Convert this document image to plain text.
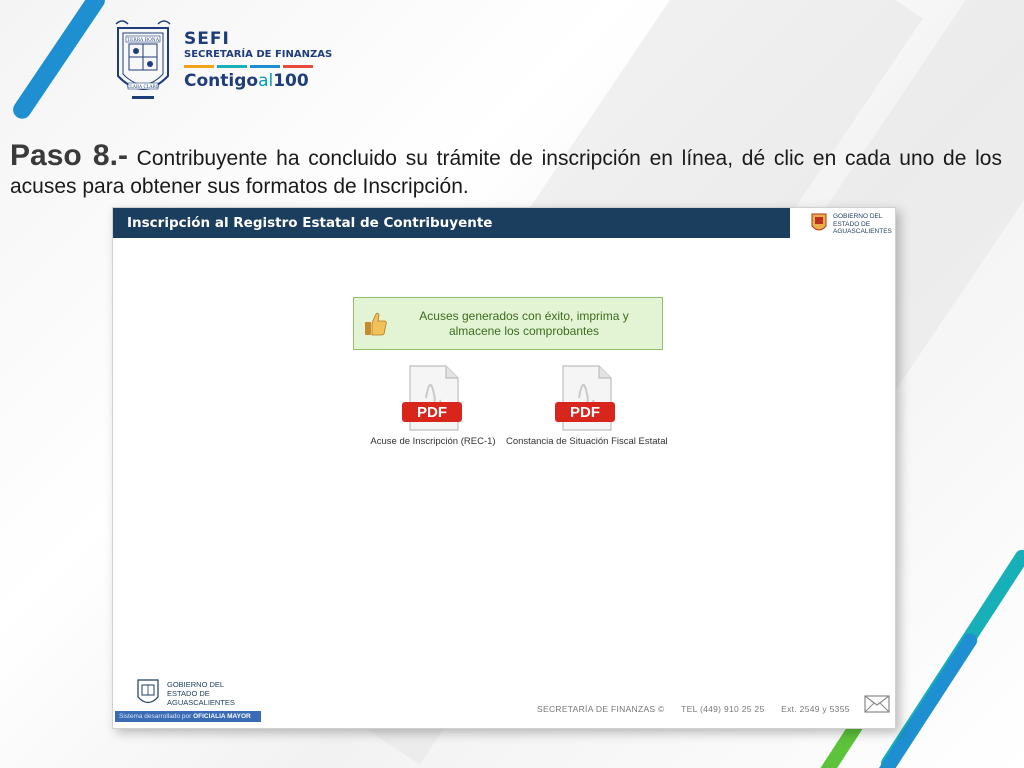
TERRA BONA
CLARA CLARO
SEFI
SECRETARÍA DE FINANZAS
Contigoal100

Paso 8.- Contribuyente ha concluido su trámite de inscripción en línea, dé clic en cada uno de los acuses para obtener sus formatos de Inscripción.

Inscripción al Registro Estatal de Contribuyente	GOBIERNO DEL
ESTADO DE
AGUASCALIENTES
Acuses generados con éxito, imprima y almacene los comprobantes
PDF
Acuse de Inscripción (REC-1)
PDF
Constancia de Situación Fiscal Estatal
GOBIERNO DEL
ESTADO DE
AGUASCALIENTES
Sistema desarrollado por OFICIALIA MAYOR
SECRETARÍA DE FINANZAS © TEL (449) 910 25 25 Ext. 2549 y 5355
